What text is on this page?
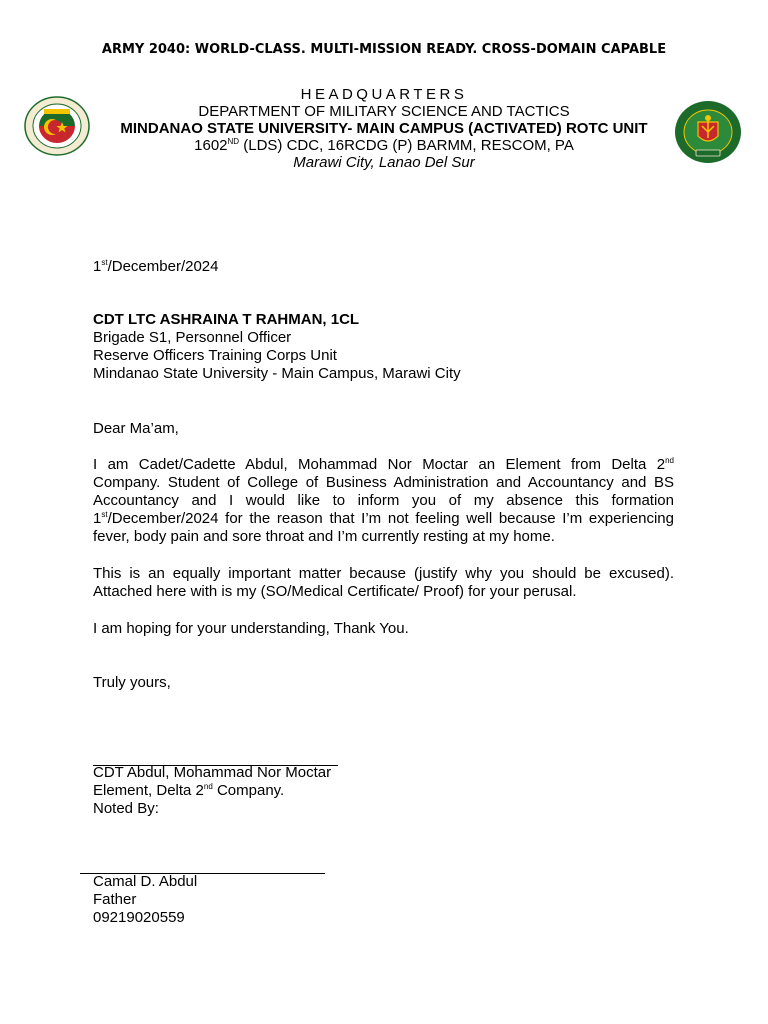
ARMY 2040: WORLD-CLASS. MULTI-MISSION READY. CROSS-DOMAIN CAPABLE
HEADQUARTERS
DEPARTMENT OF MILITARY SCIENCE AND TACTICS
MINDANAO STATE UNIVERSITY- MAIN CAMPUS (ACTIVATED) ROTC UNIT
1602ND (LDS) CDC, 16RCDG (P) BARMM, RESCOM, PA
Marawi City, Lanao Del Sur
1st/December/2024
CDT LTC ASHRAINA T RAHMAN, 1CL
Brigade S1, Personnel Officer
Reserve Officers Training Corps Unit
Mindanao State University - Main Campus, Marawi City
Dear Ma’am,
I am Cadet/Cadette Abdul, Mohammad Nor Moctar an Element from Delta 2nd Company. Student of College of Business Administration and Accountancy and BS Accountancy and I would like to inform you of my absence this formation 1st/December/2024 for the reason that I’m not feeling well because I’m experiencing fever, body pain and sore throat and I’m currently resting at my home.
This is an equally important matter because (justify why you should be excused). Attached here with is my (SO/Medical Certificate/ Proof) for your perusal.
I am hoping for your understanding, Thank You.
Truly yours,
CDT Abdul, Mohammad Nor Moctar
Element, Delta 2nd Company.
Noted By:
Camal D. Abdul
Father
09219020559
